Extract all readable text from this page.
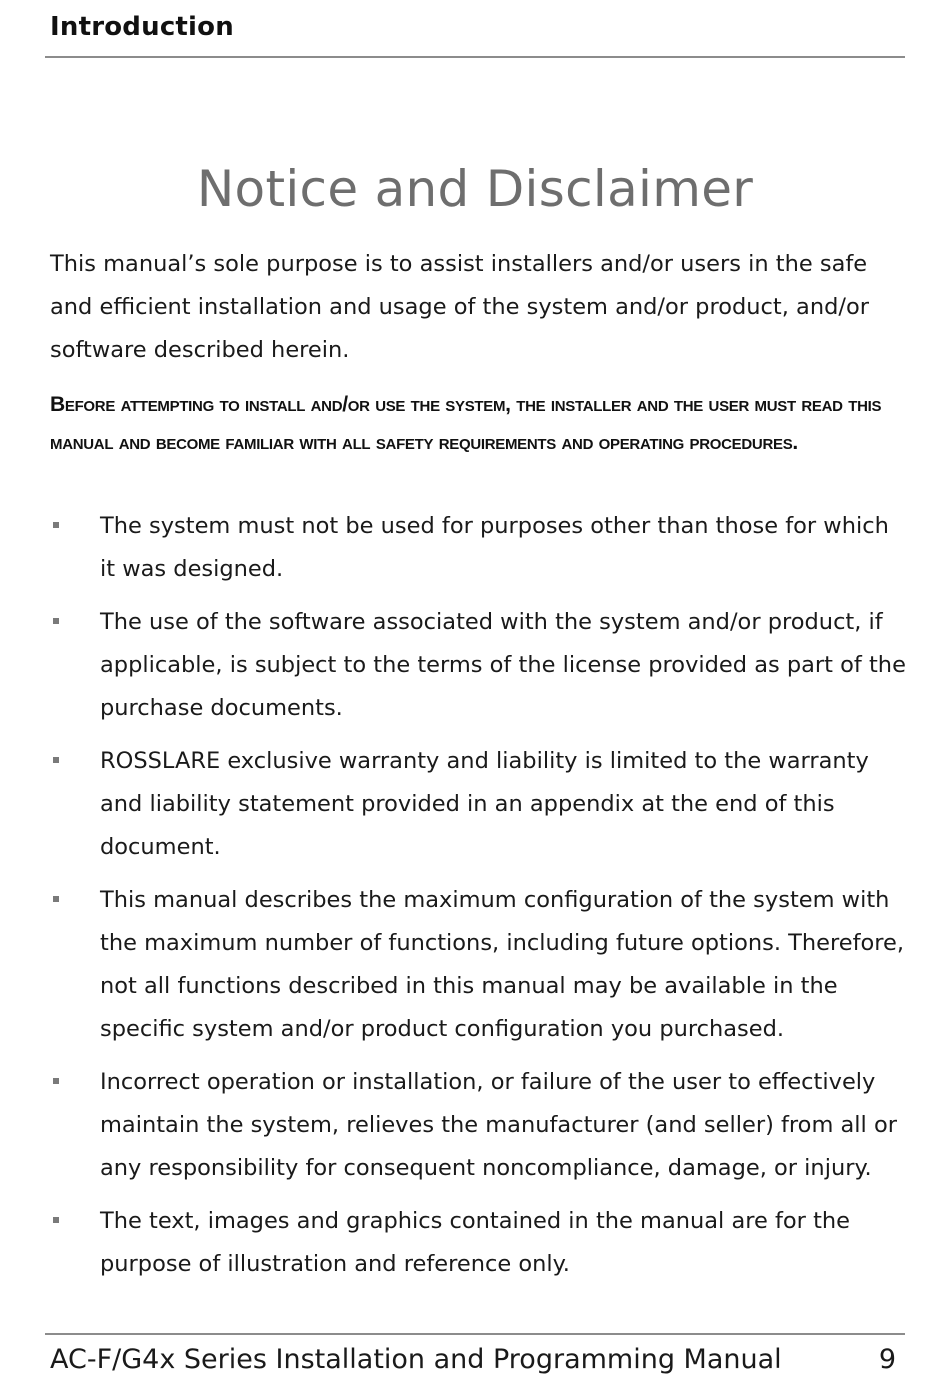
Introduction
Notice and Disclaimer

This manual’s sole purpose is to assist installers and/or users in the safe and efficient installation and usage of the system and/or product, and/or software described herein.

Before attempting to install and/or use the system, the installer and the user must read this manual and become familiar with all safety requirements and operating procedures.

The system must not be used for purposes other than those for which it was designed.
The use of the software associated with the system and/or product, if applicable, is subject to the terms of the license provided as part of the purchase documents.
ROSSLARE exclusive warranty and liability is limited to the warranty and liability statement provided in an appendix at the end of this document.
This manual describes the maximum configuration of the system with the maximum number of functions, including future options. Therefore, not all functions described in this manual may be available in the specific system and/or product configuration you purchased.
Incorrect operation or installation, or failure of the user to effectively maintain the system, relieves the manufacturer (and seller) from all or any responsibility for consequent noncompliance, damage, or injury.
The text, images and graphics contained in the manual are for the purpose of illustration and reference only.
AC-F/G4x Series Installation and Programming Manual	9
